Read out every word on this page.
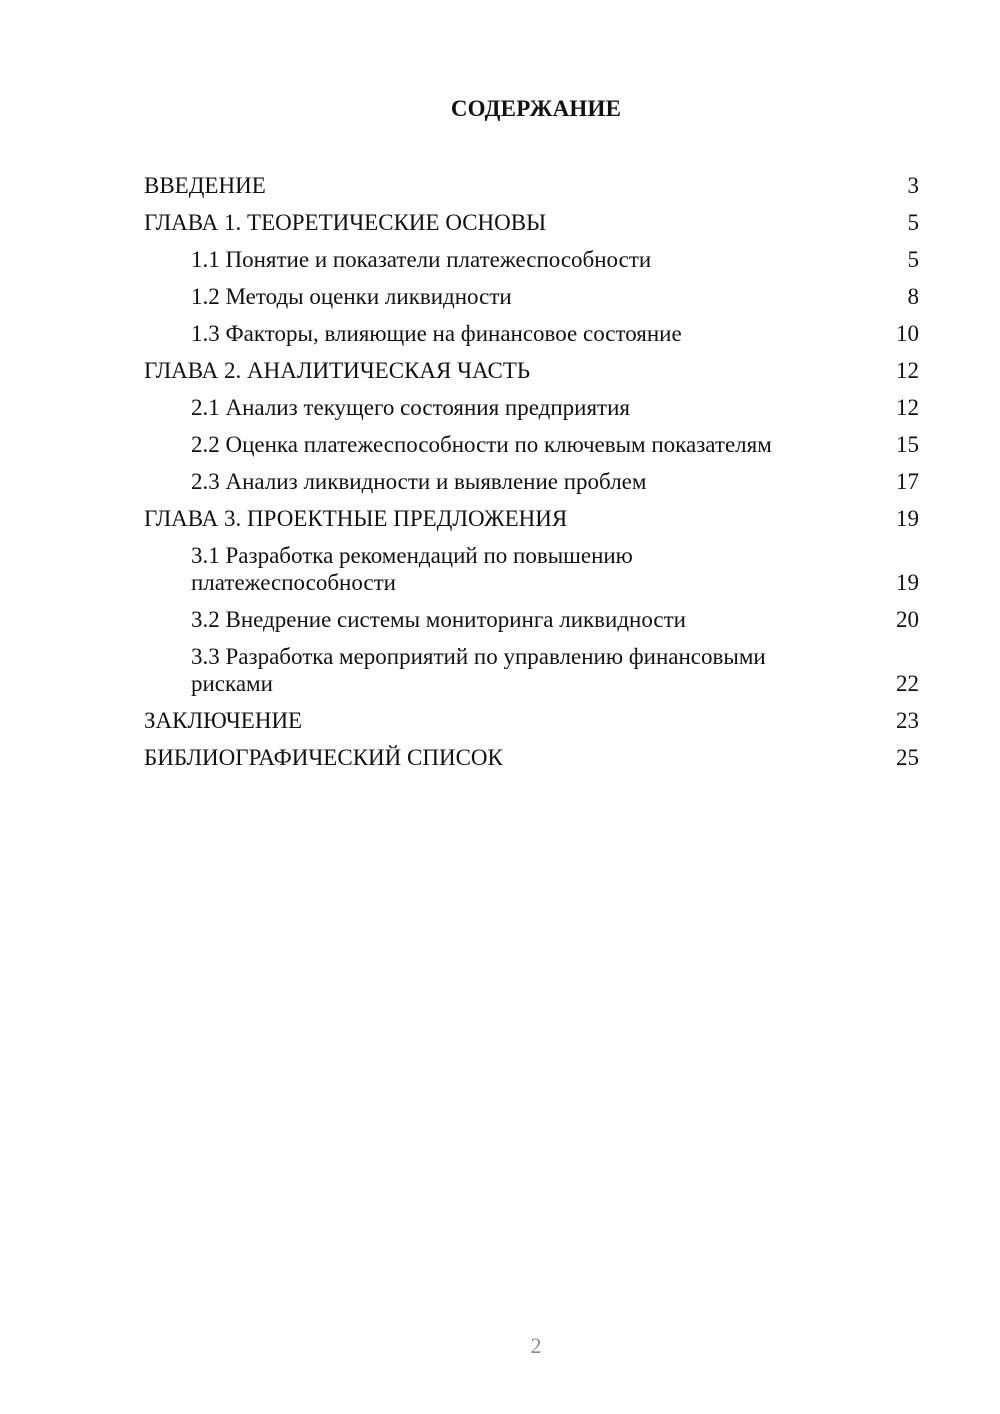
СОДЕРЖАНИЕ
ВВЕДЕНИЕ	3
ГЛАВА 1. ТЕОРЕТИЧЕСКИЕ ОСНОВЫ	5
1.1 Понятие и показатели платежеспособности	5
1.2 Методы оценки ликвидности	8
1.3 Факторы, влияющие на финансовое состояние	10
ГЛАВА 2. АНАЛИТИЧЕСКАЯ ЧАСТЬ	12
2.1 Анализ текущего состояния предприятия	12
2.2 Оценка платежеспособности по ключевым показателям	15
2.3 Анализ ликвидности и выявление проблем	17
ГЛАВА 3. ПРОЕКТНЫЕ ПРЕДЛОЖЕНИЯ	19
3.1 Разработка рекомендаций по повышению платежеспособности	19
3.2 Внедрение системы мониторинга ликвидности	20
3.3 Разработка мероприятий по управлению финансовыми рисками	22
ЗАКЛЮЧЕНИЕ	23
БИБЛИОГРАФИЧЕСКИЙ СПИСОК	25
2
